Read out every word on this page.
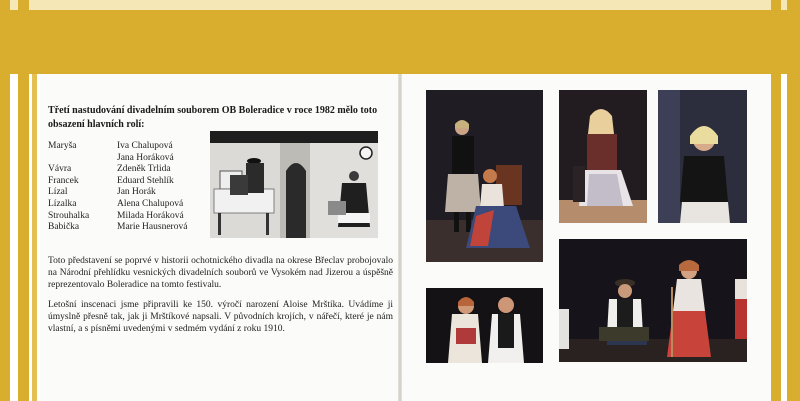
Třetí nastudování divadelním souborem OB Boleradice v roce 1982 mělo toto obsazení hlavních rolí:
Maryša	Iva Chalupová
Jana Horáková
Vávra	Zdeněk Trlida
Francek	Eduard Stehlík
Lízal	Jan Horák
Lízalka	Alena Chalupová
Strouhalka	Milada Horáková
Babička	Marie Hausnerová
Toto představení se poprvé v historii ochotnického divadla na okrese Břeclav probojovalo na Národní přehlídku vesnických divadelních souborů ve Vysokém nad Jizerou a úspěšně reprezentovalo Boleradice na tomto festivalu.
Letošní inscenaci jsme připravili ke 150. výročí narození Aloise Mrštíka. Uvádíme ji úmyslně přesně tak, jak ji Mrštíkové napsali. V původních krojích, v nářečí, které je nám vlastní, a s písněmi uvedenými v sedmém vydání z roku 1910.
